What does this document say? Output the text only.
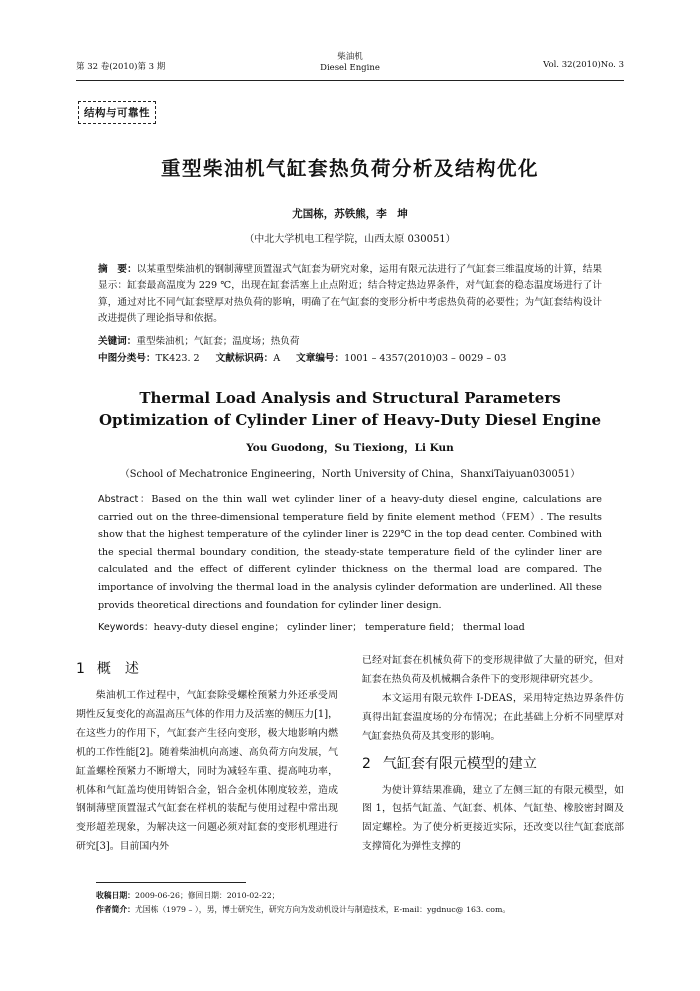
第 32 卷(2010)第 3 期
柴油机
Diesel Engine	Vol. 32(2010)No. 3
结构与可靠性
重型柴油机气缸套热负荷分析及结构优化
尤国栋，苏铁熊，李　坤
（中北大学机电工程学院，山西太原 030051）
摘　要：以某重型柴油机的钢制薄壁顶置湿式气缸套为研究对象，运用有限元法进行了气缸套三维温度场的计算，结果显示：缸套最高温度为 229 ℃，出现在缸套活塞上止点附近；结合特定热边界条件，对气缸套的稳态温度场进行了计算，通过对比不同气缸套壁厚对热负荷的影响，明确了在气缸套的变形分析中考虑热负荷的必要性；为气缸套结构设计改进提供了理论指导和依据。
关键词：重型柴油机；气缸套；温度场；热负荷
中图分类号：TK423. 2 文献标识码：A 文章编号：1001 – 4357(2010)03 – 0029 – 03
Thermal Load Analysis and Structural Parameters
Optimization of Cylinder Liner of Heavy-Duty Diesel Engine
You Guodong，Su Tiexiong，Li Kun
（School of Mechatronice Engineering，North University of China，ShanxiTaiyuan030051）
Abstract：Based on the thin wall wet cylinder liner of a heavy-duty diesel engine, calculations are carried out on the three-dimensional temperature field by finite element method（FEM）. The results show that the highest temperature of the cylinder liner is 229℃ in the top dead center. Combined with the special thermal boundary condition, the steady-state temperature field of the cylinder liner are calculated and the effect of different cylinder thickness on the thermal load are compared. The importance of involving the thermal load in the analysis cylinder deformation are underlined. All these provids theoretical directions and foundation for cylinder liner design.
Keywords：heavy-duty diesel engine； cylinder liner； temperature field； thermal load
1 概　述
柴油机工作过程中，气缸套除受螺栓预紧力外还承受周期性反复变化的高温高压气体的作用力及活塞的侧压力[1]，在这些力的作用下，气缸套产生径向变形，极大地影响内燃机的工作性能[2]。随着柴油机向高速、高负荷方向发展，气缸盖螺栓预紧力不断增大，同时为减轻车重、提高吨功率，机体和气缸盖均使用铸铝合金，铝合金机体刚度较差，造成钢制薄壁顶置湿式气缸套在样机的装配与使用过程中常出现变形超差现象，为解决这一问题必须对缸套的变形机理进行研究[3]。目前国内外
已经对缸套在机械负荷下的变形规律做了大量的研究，但对缸套在热负荷及机械耦合条件下的变形规律研究甚少。
本文运用有限元软件 I-DEAS，采用特定热边界条件仿真得出缸套温度场的分布情况；在此基础上分析不同壁厚对气缸套热负荷及其变形的影响。
2 气缸套有限元模型的建立
为使计算结果准确，建立了左侧三缸的有限元模型，如图 1，包括气缸盖、气缸套、机体、气缸垫、橡胶密封圈及固定螺栓。为了使分析更接近实际，还改变以往气缸套底部支撑简化为弹性支撑的
收稿日期：2009-06-26；修回日期：2010-02-22；
作者简介：尤国栋（1979 – ），男，博士研究生，研究方向为发动机设计与制造技术，E-mail：ygdnuc@ 163. com。
